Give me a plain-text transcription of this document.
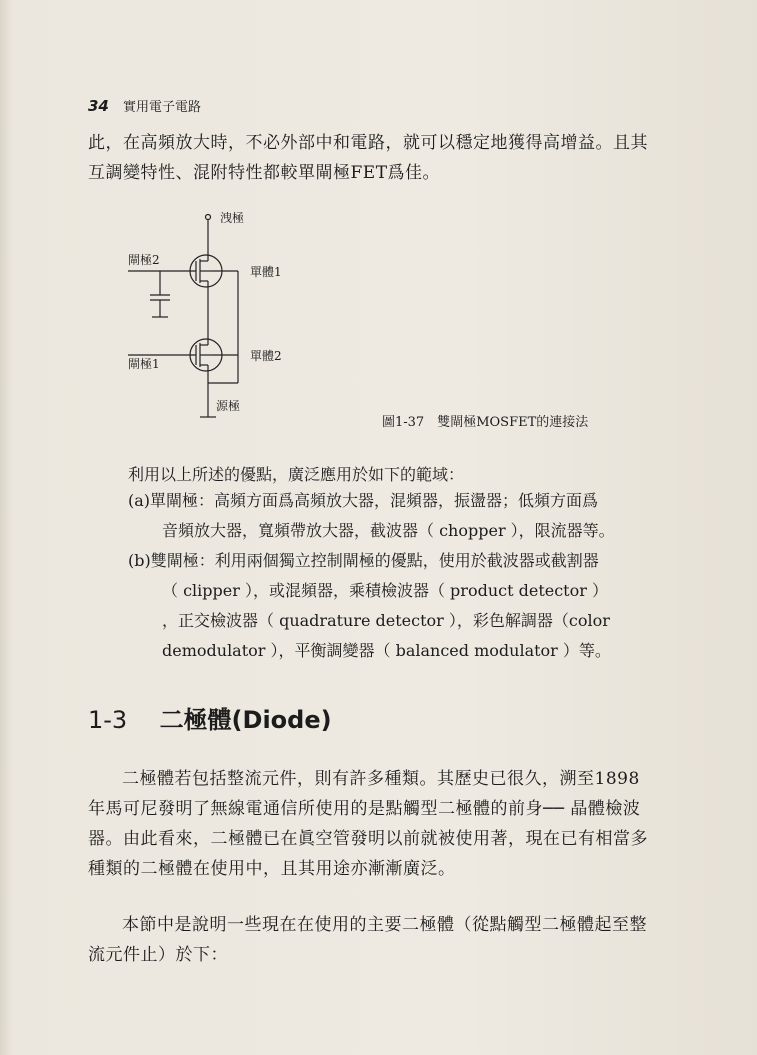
34 實用電子電路
此，在高頻放大時，不必外部中和電路，就可以穩定地獲得高增益。且其
互調變特性、混附特性都較單閘極FET爲佳。
洩極
閘極2
單體1
單體2
閘極1
源極
圖1-37　雙閘極MOSFET的連接法
利用以上所述的優點，廣泛應用於如下的範域：
(a)單閘極：高頻方面爲高頻放大器，混頻器，振盪器；低頻方面爲
音頻放大器，寬頻帶放大器，截波器（ chopper ），限流器等。
(b)雙閘極：利用兩個獨立控制閘極的優點，使用於截波器或截割器
（ clipper ），或混頻器，乘積檢波器（ product detector ）
，正交檢波器（ quadrature detector ），彩色解調器（color
demodulator ），平衡調變器（ balanced modulator ）等。
1-3 二極體(Diode)
二極體若包括整流元件，則有許多種類。其歷史已很久，溯至1898
年馬可尼發明了無線電通信所使用的是點觸型二極體的前身── 晶體檢波
器。由此看來，二極體已在眞空管發明以前就被使用著，現在已有相當多
種類的二極體在使用中，且其用途亦漸漸廣泛。
本節中是說明一些現在在使用的主要二極體（從點觸型二極體起至整
流元件止）於下：
